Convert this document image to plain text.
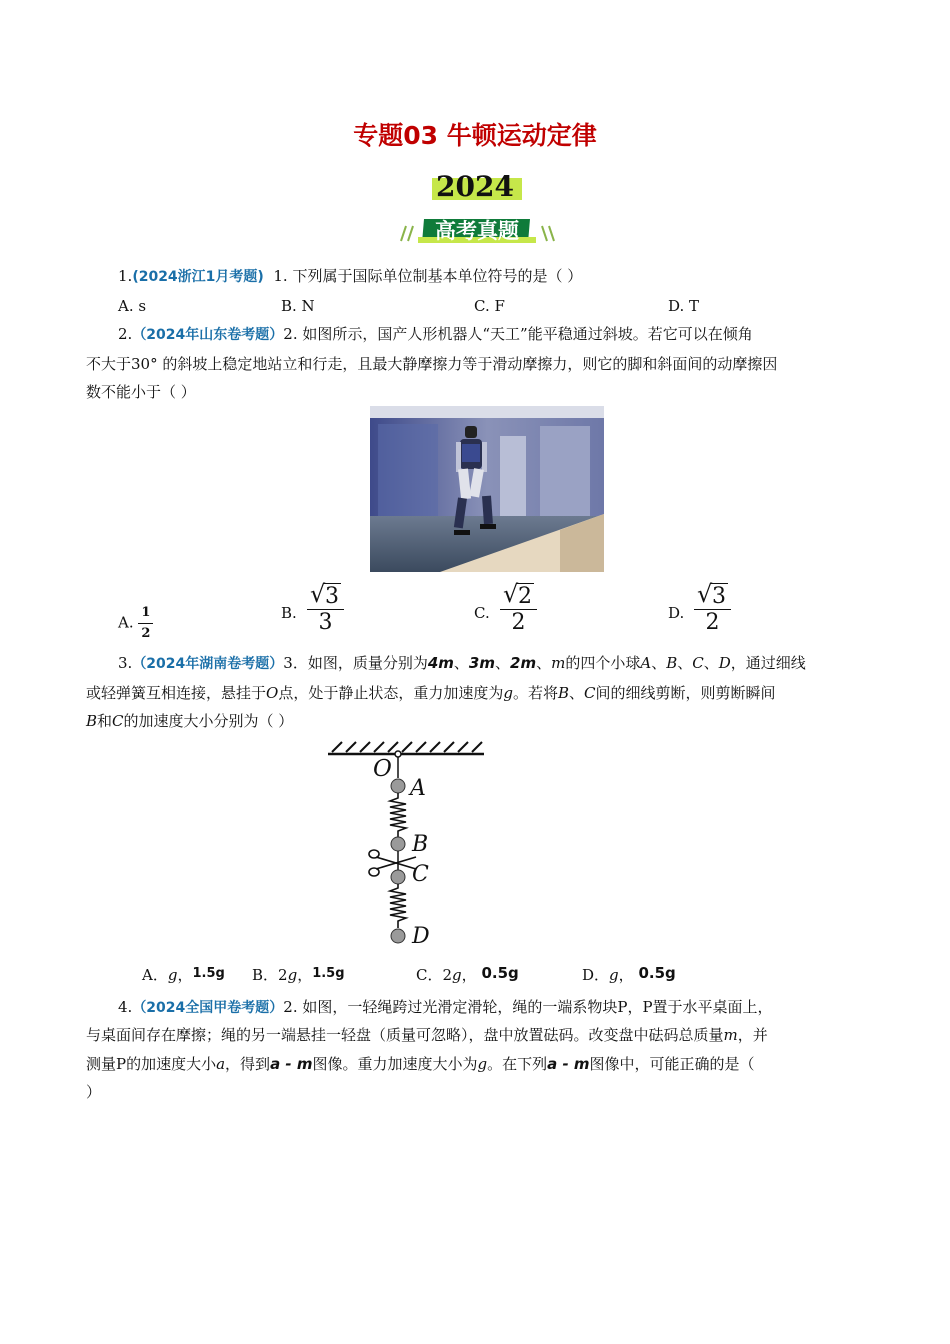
专题03 牛顿运动定律
2024
高考真题
1.(2024浙江1月考题) 1. 下列属于国际单位制基本单位符号的是（ ）
A. s	B. N	C. F	D. T
2.（2024年山东卷考题）2. 如图所示，国产人形机器人“天工”能平稳通过斜坡。若它可以在倾角
不大于30° 的斜坡上稳定地站立和行走，且最大静摩擦力等于滑动摩擦力，则它的脚和斜面间的动摩擦因
数不能小于（ ）
A. $\frac{1}{2}$	B. $\frac{√ 3}{3}$	C. $\frac{√ 2}{2}$	D. $\frac{√ 3}{2}$
3.（2024年湖南卷考题）3．如图，质量分别为4m、3m、2m、m的四个小球A、B、C、D，通过细线
或轻弹簧互相连接，悬挂于O点，处于静止状态，重力加速度为g。若将B、C间的细线剪断，则剪断瞬间
B和C的加速度大小分别为（ ）
O
A
B
C
D
A．g，1.5g B．2g，1.5g	C．2g， 0.5g	D．g， 0.5g
4.（2024全国甲卷考题）2. 如图，一轻绳跨过光滑定滑轮，绳的一端系物块P，P置于水平桌面上，
与桌面间存在摩擦；绳的另一端悬挂一轻盘（质量可忽略），盘中放置砝码。改变盘中砝码总质量m，并
测量P的加速度大小a，得到a - m图像。重力加速度大小为g。在下列a - m图像中，可能正确的是（
）
